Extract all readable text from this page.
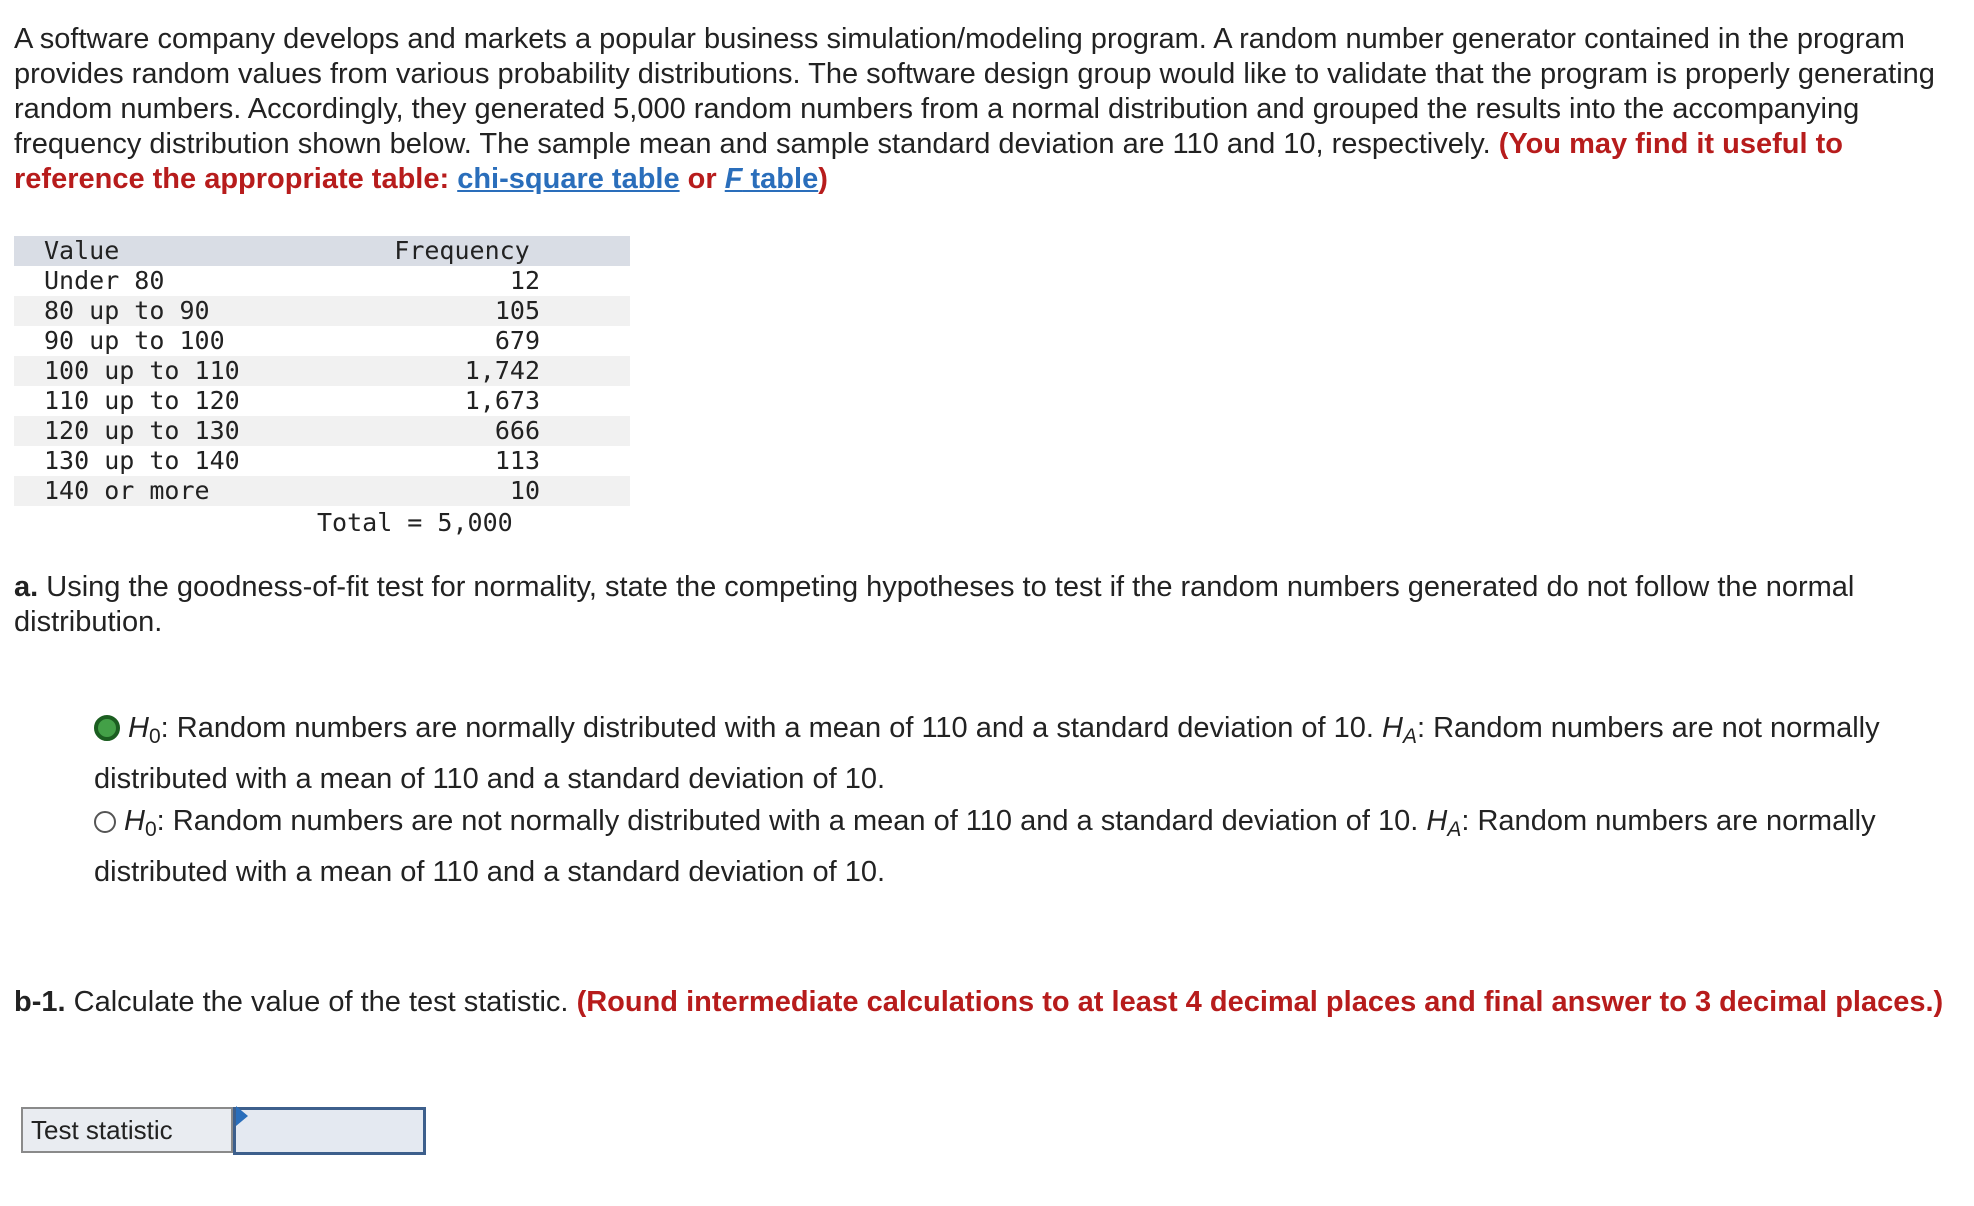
A software company develops and markets a popular business simulation/modeling program. A random number generator contained in the program provides random values from various probability distributions. The software design group would like to validate that the program is properly generating random numbers. Accordingly, they generated 5,000 random numbers from a normal distribution and grouped the results into the accompanying frequency distribution shown below. The sample mean and sample standard deviation are 110 and 10, respectively. (You may find it useful to reference the appropriate table: chi-square table or F table)

Value	Frequency
Under 80	12
80 up to 90	105
90 up to 100	679
100 up to 110	1,742
110 up to 120	1,673
120 up to 130	666
130 up to 140	113
140 or more	10
Total = 5,000

a. Using the goodness-of-fit test for normality, state the competing hypotheses to test if the random numbers generated do not follow the normal distribution.

$H_0$: Random numbers are normally distributed with a mean of 110 and a standard deviation of 10. $H_A$: Random numbers are not normally distributed with a mean of 110 and a standard deviation of 10.
$H_0$: Random numbers are not normally distributed with a mean of 110 and a standard deviation of 10. $H_A$: Random numbers are normally distributed with a mean of 110 and a standard deviation of 10.

b-1. Calculate the value of the test statistic. (Round intermediate calculations to at least 4 decimal places and final answer to 3 decimal places.)

Test statistic
